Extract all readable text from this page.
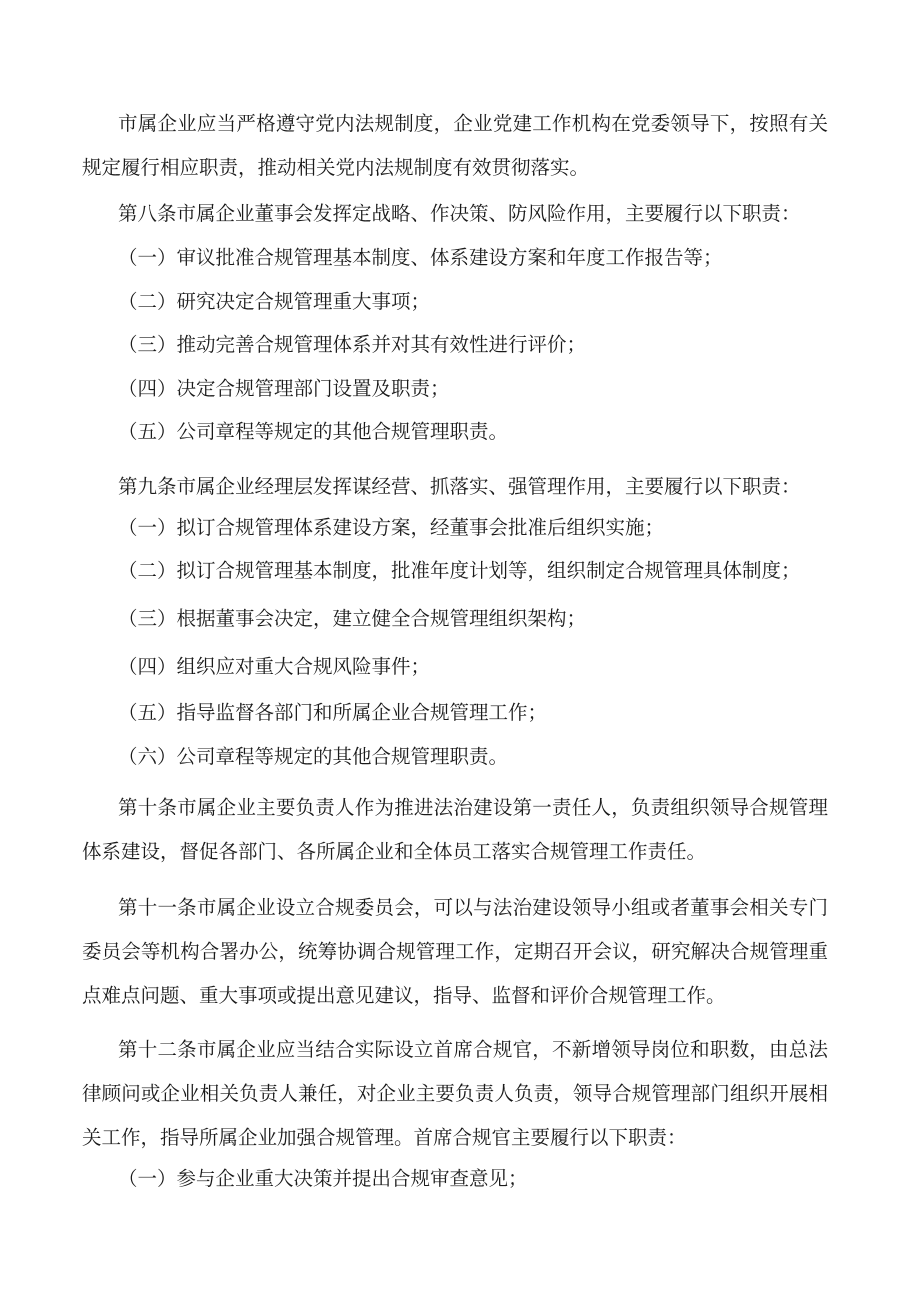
市属企业应当严格遵守党内法规制度，企业党建工作机构在党委领导下，按照有关规定履行相应职责，推动相关党内法规制度有效贯彻落实。

第八条市属企业董事会发挥定战略、作决策、防风险作用，主要履行以下职责：

（一）审议批准合规管理基本制度、体系建设方案和年度工作报告等；

（二）研究决定合规管理重大事项；

（三）推动完善合规管理体系并对其有效性进行评价；

（四）决定合规管理部门设置及职责；

（五）公司章程等规定的其他合规管理职责。

第九条市属企业经理层发挥谋经营、抓落实、强管理作用，主要履行以下职责：

（一）拟订合规管理体系建设方案，经董事会批准后组织实施；

（二）拟订合规管理基本制度，批准年度计划等，组织制定合规管理具体制度；

（三）根据董事会决定，建立健全合规管理组织架构；

（四）组织应对重大合规风险事件；

（五）指导监督各部门和所属企业合规管理工作；

（六）公司章程等规定的其他合规管理职责。

第十条市属企业主要负责人作为推进法治建设第一责任人，负责组织领导合规管理体系建设，督促各部门、各所属企业和全体员工落实合规管理工作责任。

第十一条市属企业设立合规委员会，可以与法治建设领导小组或者董事会相关专门委员会等机构合署办公，统筹协调合规管理工作，定期召开会议，研究解决合规管理重点难点问题、重大事项或提出意见建议，指导、监督和评价合规管理工作。

第十二条市属企业应当结合实际设立首席合规官，不新增领导岗位和职数，由总法律顾问或企业相关负责人兼任，对企业主要负责人负责，领导合规管理部门组织开展相关工作，指导所属企业加强合规管理。首席合规官主要履行以下职责：

（一）参与企业重大决策并提出合规审查意见；
